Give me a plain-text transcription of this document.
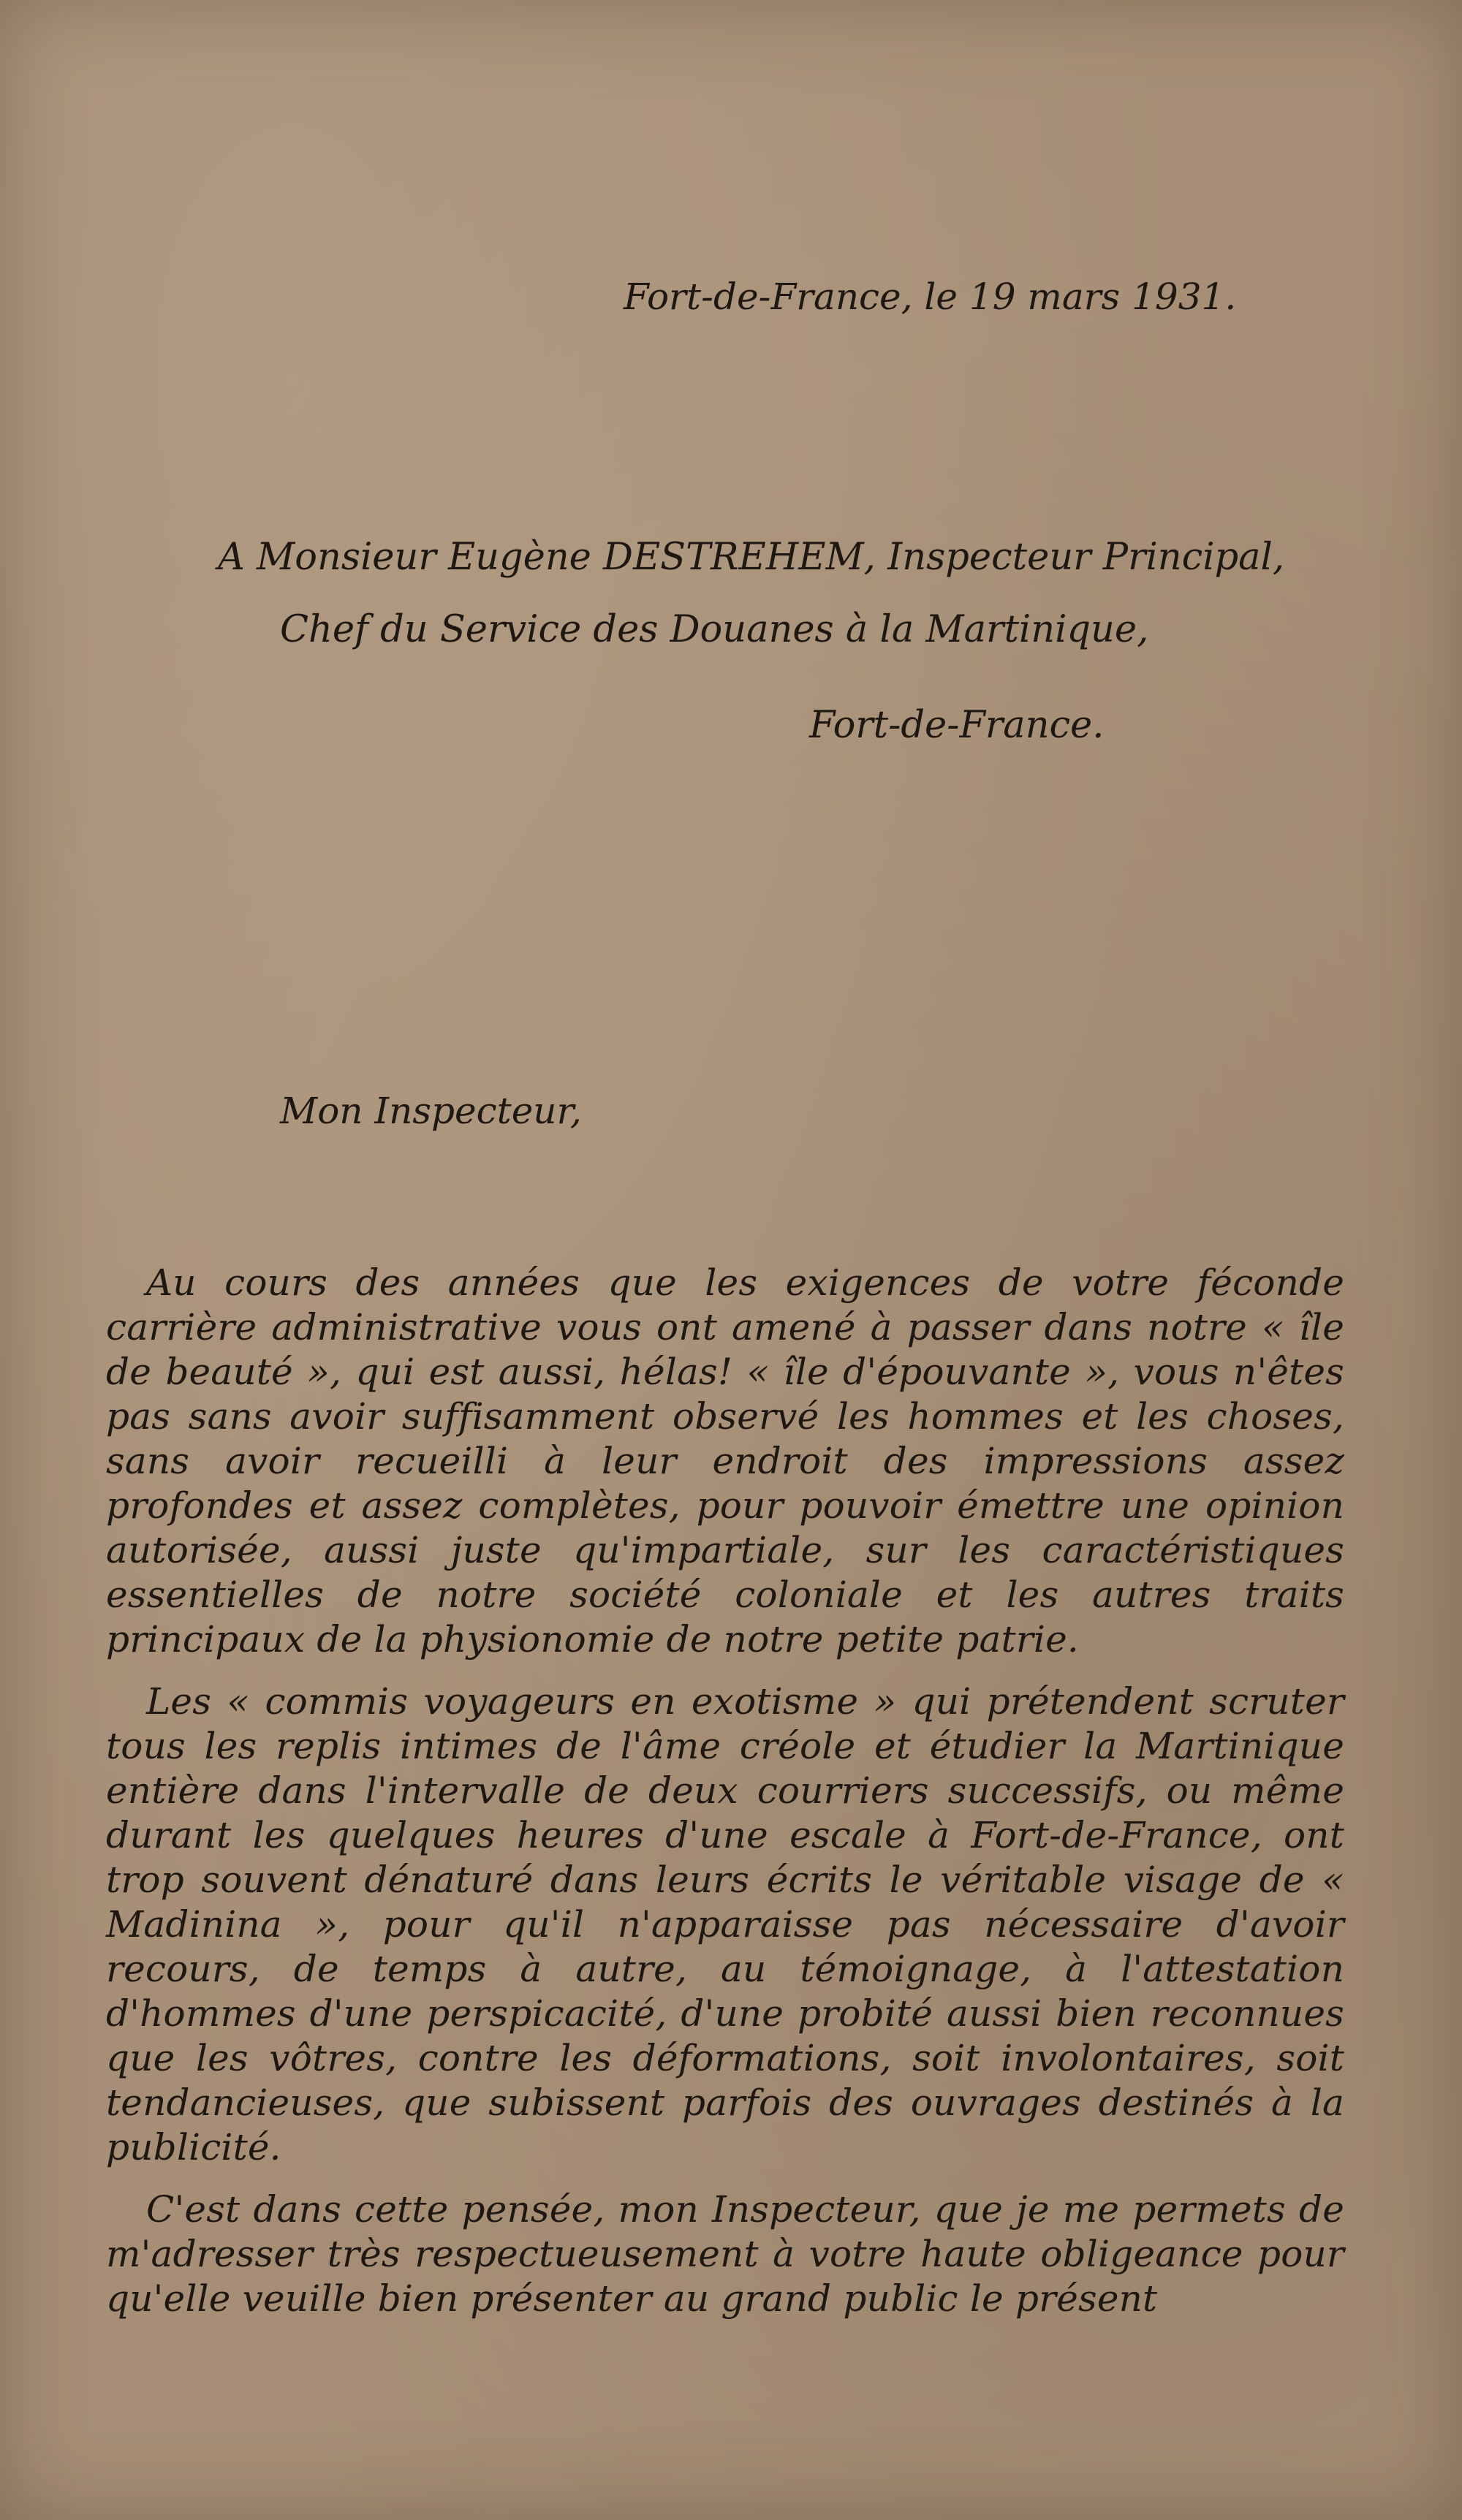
Fort-de-France, le 19 mars 1931.
A Monsieur Eugène DESTREHEM, Inspecteur Principal,
Chef du Service des Douanes à la Martinique,
Fort-de-France.
Mon Inspecteur,

Au cours des années que les exigences de votre féconde carrière administrative vous ont amené à passer dans notre « île de beauté », qui est aussi, hélas! « île d'épouvante », vous n'êtes pas sans avoir suffisamment observé les hommes et les choses, sans avoir recueilli à leur endroit des impressions assez profondes et assez complètes, pour pouvoir émettre une opinion autorisée, aussi juste qu'impartiale, sur les caractéristiques essentielles de notre société coloniale et les autres traits principaux de la physionomie de notre petite patrie.

Les « commis voyageurs en exotisme » qui prétendent scruter tous les replis intimes de l'âme créole et étudier la Martinique entière dans l'intervalle de deux courriers successifs, ou même durant les quelques heures d'une escale à Fort-de-France, ont trop souvent dénaturé dans leurs écrits le véritable visage de « Madinina », pour qu'il n'apparaisse pas nécessaire d'avoir recours, de temps à autre, au témoignage, à l'attestation d'hommes d'une perspicacité, d'une probité aussi bien reconnues que les vôtres, contre les déformations, soit involontaires, soit tendancieuses, que subissent parfois des ouvrages destinés à la publicité.

C'est dans cette pensée, mon Inspecteur, que je me permets de m'adresser très respectueusement à votre haute obligeance pour qu'elle veuille bien présenter au grand public le présent
